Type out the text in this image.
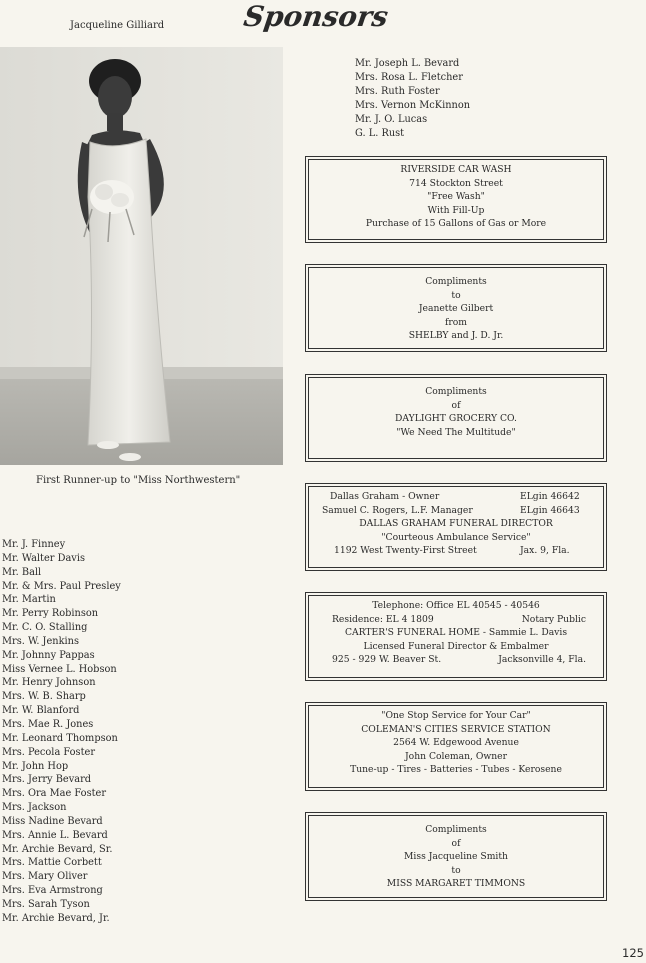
Jacqueline Gilliard	Sponsors
First Runner-up to "Miss Northwestern"
Mr. Joseph L. Bevard
Mrs. Rosa L. Fletcher
Mrs. Ruth Foster
Mrs. Vernon McKinnon
Mr. J. O. Lucas
G. L. Rust
Mr. J. Finney
Mr. Walter Davis
Mr. Ball
Mr. & Mrs. Paul Presley
Mr. Martin
Mr. Perry Robinson
Mr. C. O. Stalling
Mrs. W. Jenkins
Mr. Johnny Pappas
Miss Vernee L. Hobson
Mr. Henry Johnson
Mrs. W. B. Sharp
Mr. W. Blanford
Mrs. Mae R. Jones
Mr. Leonard Thompson
Mrs. Pecola Foster
Mr. John Hop
Mrs. Jerry Bevard
Mrs. Ora Mae Foster
Mrs. Jackson
Miss Nadine Bevard
Mrs. Annie L. Bevard
Mr. Archie Bevard, Sr.
Mrs. Mattie Corbett
Mrs. Mary Oliver
Mrs. Eva Armstrong
Mrs. Sarah Tyson
Mr. Archie Bevard, Jr.
RIVERSIDE CAR WASH
714 Stockton Street
"Free Wash"
With Fill-Up
Purchase of 15 Gallons of Gas or More
Compliments
to
Jeanette Gilbert
from
SHELBY and J. D. Jr.
Compliments
of
DAYLIGHT GROCERY CO.
"We Need The Multitude"
Dallas Graham - Owner	ELgin 46642
Samuel C. Rogers, L.F. Manager	ELgin 46643
DALLAS GRAHAM FUNERAL DIRECTOR
"Courteous Ambulance Service"
1192 West Twenty-First Street	Jax. 9, Fla.
Telephone: Office EL 40545 - 40546
Residence: EL 4 1809	Notary Public
CARTER'S FUNERAL HOME - Sammie L. Davis
Licensed Funeral Director & Embalmer
925 - 929 W. Beaver St.	Jacksonville 4, Fla.
"One Stop Service for Your Car"
COLEMAN'S CITIES SERVICE STATION
2564 W. Edgewood Avenue
John Coleman, Owner
Tune-up - Tires - Batteries - Tubes - Kerosene
Compliments
of
Miss Jacqueline Smith
to
MISS MARGARET TIMMONS
125
